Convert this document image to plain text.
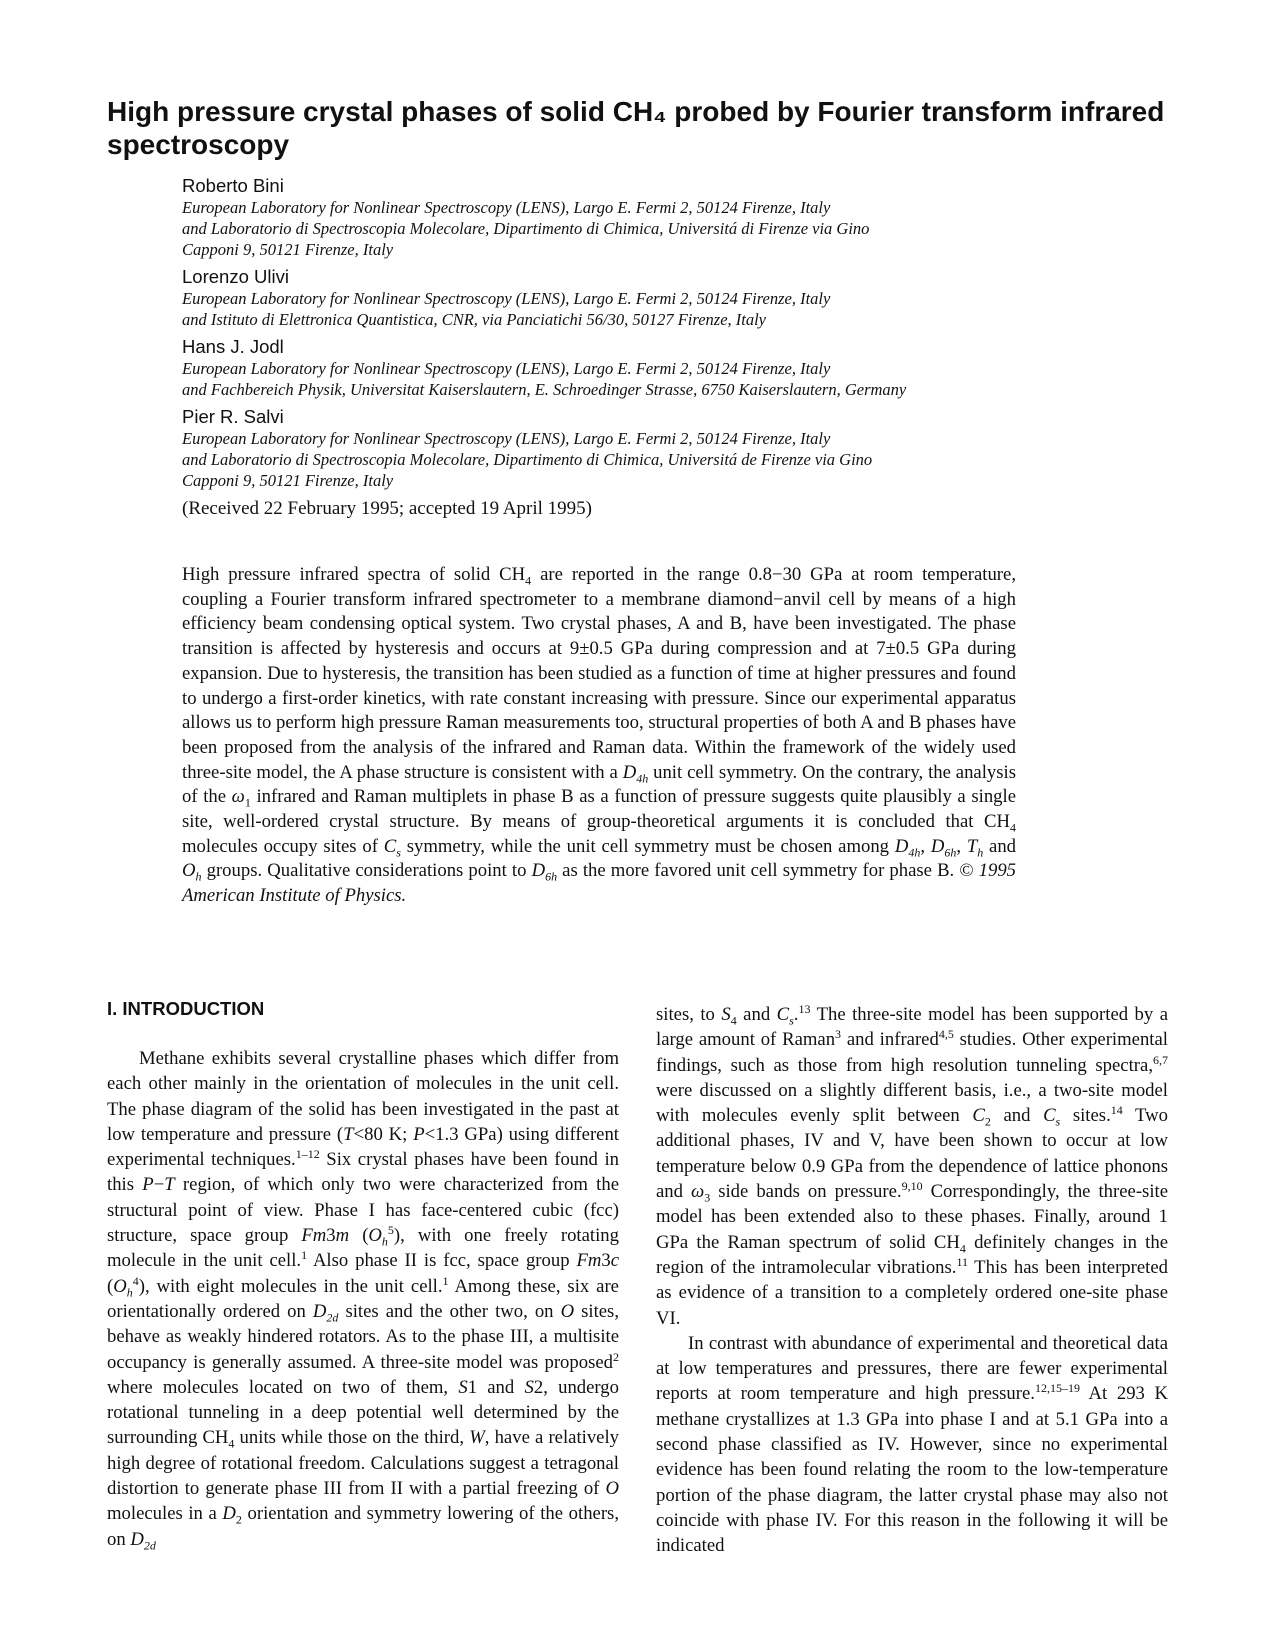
High pressure crystal phases of solid CH₄ probed by Fourier transform infrared spectroscopy
Roberto Bini
European Laboratory for Nonlinear Spectroscopy (LENS), Largo E. Fermi 2, 50124 Firenze, Italy
and Laboratorio di Spectroscopia Molecolare, Dipartimento di Chimica, Universitá di Firenze via Gino
Capponi 9, 50121 Firenze, Italy
Lorenzo Ulivi
European Laboratory for Nonlinear Spectroscopy (LENS), Largo E. Fermi 2, 50124 Firenze, Italy
and Istituto di Elettronica Quantistica, CNR, via Panciatichi 56/30, 50127 Firenze, Italy
Hans J. Jodl
European Laboratory for Nonlinear Spectroscopy (LENS), Largo E. Fermi 2, 50124 Firenze, Italy
and Fachbereich Physik, Universitat Kaiserslautern, E. Schroedinger Strasse, 6750 Kaiserslautern, Germany
Pier R. Salvi
European Laboratory for Nonlinear Spectroscopy (LENS), Largo E. Fermi 2, 50124 Firenze, Italy
and Laboratorio di Spectroscopia Molecolare, Dipartimento di Chimica, Universitá de Firenze via Gino
Capponi 9, 50121 Firenze, Italy
(Received 22 February 1995; accepted 19 April 1995)

High pressure infrared spectra of solid $CH_4$ are reported in the range 0.8−30 GPa at room temperature, coupling a Fourier transform infrared spectrometer to a membrane diamond−anvil cell by means of a high efficiency beam condensing optical system. Two crystal phases, A and B, have been investigated. The phase transition is affected by hysteresis and occurs at 9±0.5 GPa during compression and at 7±0.5 GPa during expansion. Due to hysteresis, the transition has been studied as a function of time at higher pressures and found to undergo a first-order kinetics, with rate constant increasing with pressure. Since our experimental apparatus allows us to perform high pressure Raman measurements too, structural properties of both A and B phases have been proposed from the analysis of the infrared and Raman data. Within the framework of the widely used three-site model, the A phase structure is consistent with a $D_{4h}$ unit cell symmetry. On the contrary, the analysis of the $\omega_1$ infrared and Raman multiplets in phase B as a function of pressure suggests quite plausibly a single site, well-ordered crystal structure. By means of group-theoretical arguments it is concluded that $CH_4$ molecules occupy sites of $C_s$ symmetry, while the unit cell symmetry must be chosen among $D_{4h}$, $D_{6h}$, $T_h$ and $O_h$ groups. Qualitative considerations point to $D_{6h}$ as the more favored unit cell symmetry for phase B. © 1995 American Institute of Physics.

I. INTRODUCTION

Methane exhibits several crystalline phases which differ from each other mainly in the orientation of molecules in the unit cell. The phase diagram of the solid has been investigated in the past at low temperature and pressure (T<80 K; P<1.3 GPa) using different experimental techniques.$^{1-12}$ Six crystal phases have been found in this P−T region, of which only two were characterized from the structural point of view. Phase I has face-centered cubic (fcc) structure, space group Fm3m $(O_h^5)$, with one freely rotating molecule in the unit cell.$^1$ Also phase II is fcc, space group Fm3c $(O_h^4)$, with eight molecules in the unit cell.$^1$ Among these, six are orientationally ordered on $D_{2d}$ sites and the other two, on O sites, behave as weakly hindered rotators. As to the phase III, a multisite occupancy is generally assumed. A three-site model was proposed$^2$ where molecules located on two of them, S1 and S2, undergo rotational tunneling in a deep potential well determined by the surrounding $CH_4$ units while those on the third, W, have a relatively high degree of rotational freedom. Calculations suggest a tetragonal distortion to generate phase III from II with a partial freezing of O molecules in a $D_2$ orientation and symmetry lowering of the others, on $D_{2d}$

sites, to $S_4$ and $C_s.^{13}$ The three-site model has been supported by a large amount of Raman$^3$ and infrared$^{4,5}$ studies. Other experimental findings, such as those from high resolution tunneling spectra,$^{6,7}$ were discussed on a slightly different basis, i.e., a two-site model with molecules evenly split between $C_2$ and $C_s$ sites.$^{14}$ Two additional phases, IV and V, have been shown to occur at low temperature below 0.9 GPa from the dependence of lattice phonons and $\omega_3$ side bands on pressure.$^{9,10}$ Correspondingly, the three-site model has been extended also to these phases. Finally, around 1 GPa the Raman spectrum of solid $CH_4$ definitely changes in the region of the intramolecular vibrations.$^{11}$ This has been interpreted as evidence of a transition to a completely ordered one-site phase VI.

In contrast with abundance of experimental and theoretical data at low temperatures and pressures, there are fewer experimental reports at room temperature and high pressure.$^{12,15-19}$ At 293 K methane crystallizes at 1.3 GPa into phase I and at 5.1 GPa into a second phase classified as IV. However, since no experimental evidence has been found relating the room to the low-temperature portion of the phase diagram, the latter crystal phase may also not coincide with phase IV. For this reason in the following it will be indicated
